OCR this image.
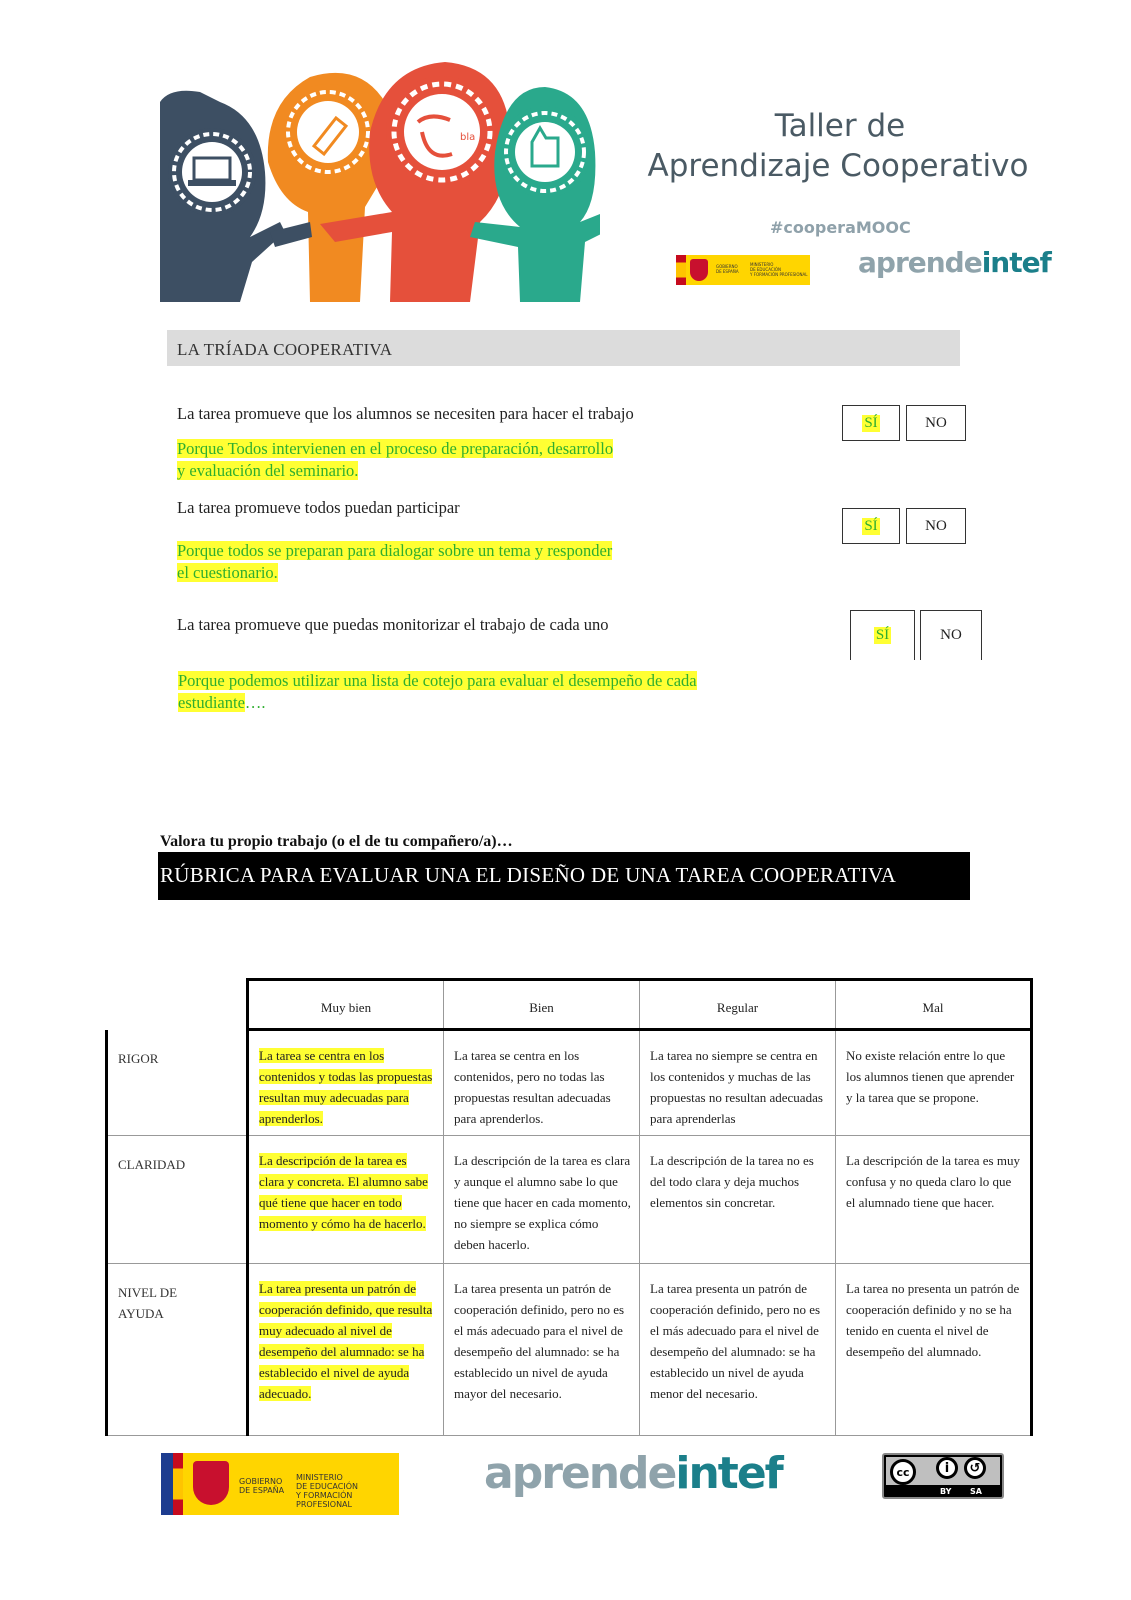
bla	Taller de
Aprendizaje Cooperativo
#cooperaMOOC
GOBIERNO
DE ESPAÑA
MINISTERIO
DE EDUCACIÓN
Y FORMACIÓN PROFESIONAL aprendeintef
LA TRÍADA COOPERATIVA
La tarea promueve que los alumnos se necesiten para hacer el trabajo
Porque Todos intervienen en el proceso de preparación, desarrollo
y evaluación del seminario.
SÍ	NO
La tarea promueve todos puedan participar
Porque todos se preparan para dialogar sobre un tema y responder
el cuestionario.
SÍ	NO
La tarea promueve que puedas monitorizar el trabajo de cada uno
Porque podemos utilizar una lista de cotejo para evaluar el desempeño de cada
estudiante….
SÍ	NO
Valora tu propio trabajo (o el de tu compañero/a)…
RÚBRICA PARA EVALUAR UNA EL DISEÑO DE UNA TAREA COOPERATIVA
	Muy bien	Bien	Regular	Mal
RIGOR	La tarea se centra en los contenidos y todas las propuestas resultan muy adecuadas para aprenderlos.	La tarea se centra en los contenidos, pero no todas las propuestas resultan adecuadas para aprenderlos.	La tarea no siempre se centra en los contenidos y muchas de las propuestas no resultan adecuadas para aprenderlas	No existe relación entre lo que los alumnos tienen que aprender y la tarea que se propone.
CLARIDAD	La descripción de la tarea es clara y concreta. El alumno sabe qué tiene que hacer en todo momento y cómo ha de hacerlo.	La descripción de la tarea es clara y aunque el alumno sabe lo que tiene que hacer en cada momento, no siempre se explica cómo deben hacerlo.	La descripción de la tarea no es del todo clara y deja muchos elementos sin concretar.	La descripción de la tarea es muy confusa y no queda claro lo que el alumnado tiene que hacer.
NIVEL DE
AYUDA	La tarea presenta un patrón de cooperación definido, que resulta muy adecuado al nivel de desempeño del alumnado: se ha establecido el nivel de ayuda adecuado.	La tarea presenta un patrón de cooperación definido, pero no es el más adecuado para el nivel de desempeño del alumnado: se ha establecido un nivel de ayuda mayor del necesario.	La tarea presenta un patrón de cooperación definido, pero no es el más adecuado para el nivel de desempeño del alumnado: se ha establecido un nivel de ayuda menor del necesario.	La tarea no presenta un patrón de cooperación definido y no se ha tenido en cuenta el nivel de desempeño del alumnado.
GOBIERNO
DE ESPAÑA
MINISTERIO
DE EDUCACIÓN
Y FORMACIÓN PROFESIONAL
aprendeintef	cc	i	↺
BY SA
